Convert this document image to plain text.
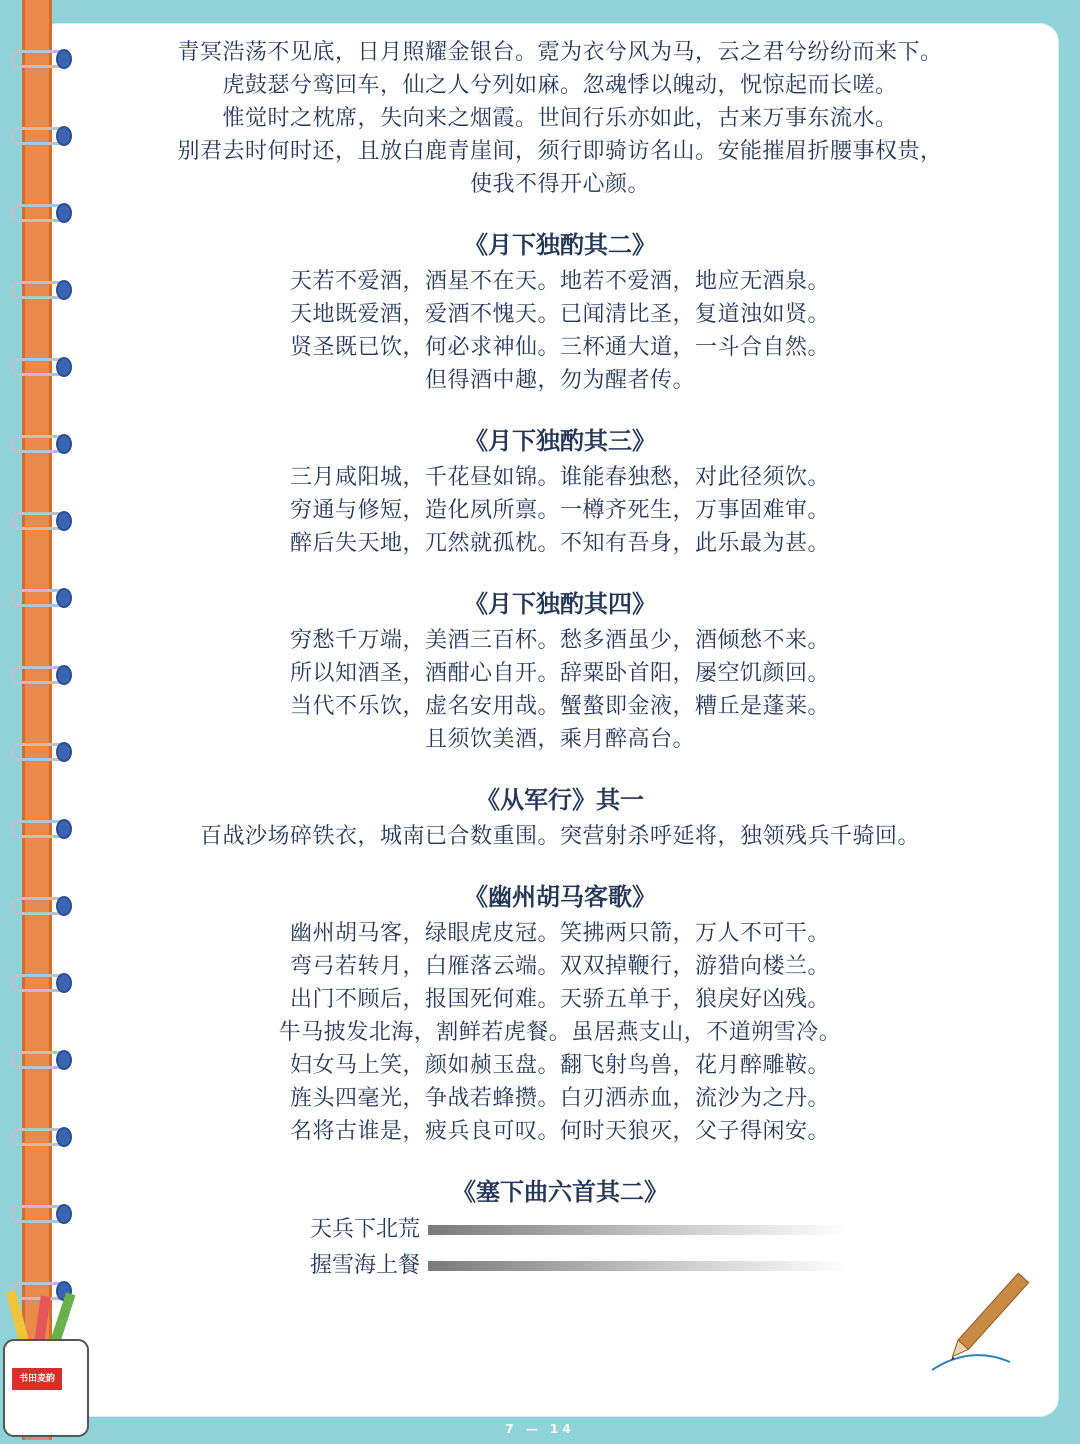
青冥浩荡不见底，日月照耀金银台。霓为衣兮风为马，云之君兮纷纷而来下。

虎鼓瑟兮鸾回车，仙之人兮列如麻。忽魂悸以魄动，怳惊起而长嗟。

惟觉时之枕席，失向来之烟霞。世间行乐亦如此，古来万事东流水。

别君去时何时还，且放白鹿青崖间，须行即骑访名山。安能摧眉折腰事权贵，

使我不得开心颜。

《月下独酌其二》

天若不爱酒，酒星不在天。地若不爱酒，地应无酒泉。

天地既爱酒，爱酒不愧天。已闻清比圣，复道浊如贤。

贤圣既已饮，何必求神仙。三杯通大道，一斗合自然。

但得酒中趣，勿为醒者传。

《月下独酌其三》

三月咸阳城，千花昼如锦。谁能春独愁，对此径须饮。

穷通与修短，造化夙所禀。一樽齐死生，万事固难审。

醉后失天地，兀然就孤枕。不知有吾身，此乐最为甚。

《月下独酌其四》

穷愁千万端，美酒三百杯。愁多酒虽少，酒倾愁不来。

所以知酒圣，酒酣心自开。辞粟卧首阳，屡空饥颜回。

当代不乐饮，虚名安用哉。蟹螯即金液，糟丘是蓬莱。

且须饮美酒，乘月醉高台。

《从军行》其一

百战沙场碎铁衣，城南已合数重围。突营射杀呼延将，独领残兵千骑回。

《幽州胡马客歌》

幽州胡马客，绿眼虎皮冠。笑拂两只箭，万人不可干。

弯弓若转月，白雁落云端。双双掉鞭行，游猎向楼兰。

出门不顾后，报国死何难。天骄五单于，狼戾好凶残。

牛马披发北海，割鲜若虎餐。虽居燕支山，不道朔雪冷。

妇女马上笑，颜如赪玉盘。翻飞射鸟兽，花月醉雕鞍。

旌头四毫光，争战若蜂攒。白刃洒赤血，流沙为之丹。

名将古谁是，疲兵良可叹。何时天狼灭，父子得闲安。

《塞下曲六首其二》

天兵下北荒
握雪海上餐
书田麦韵
7 — 14
